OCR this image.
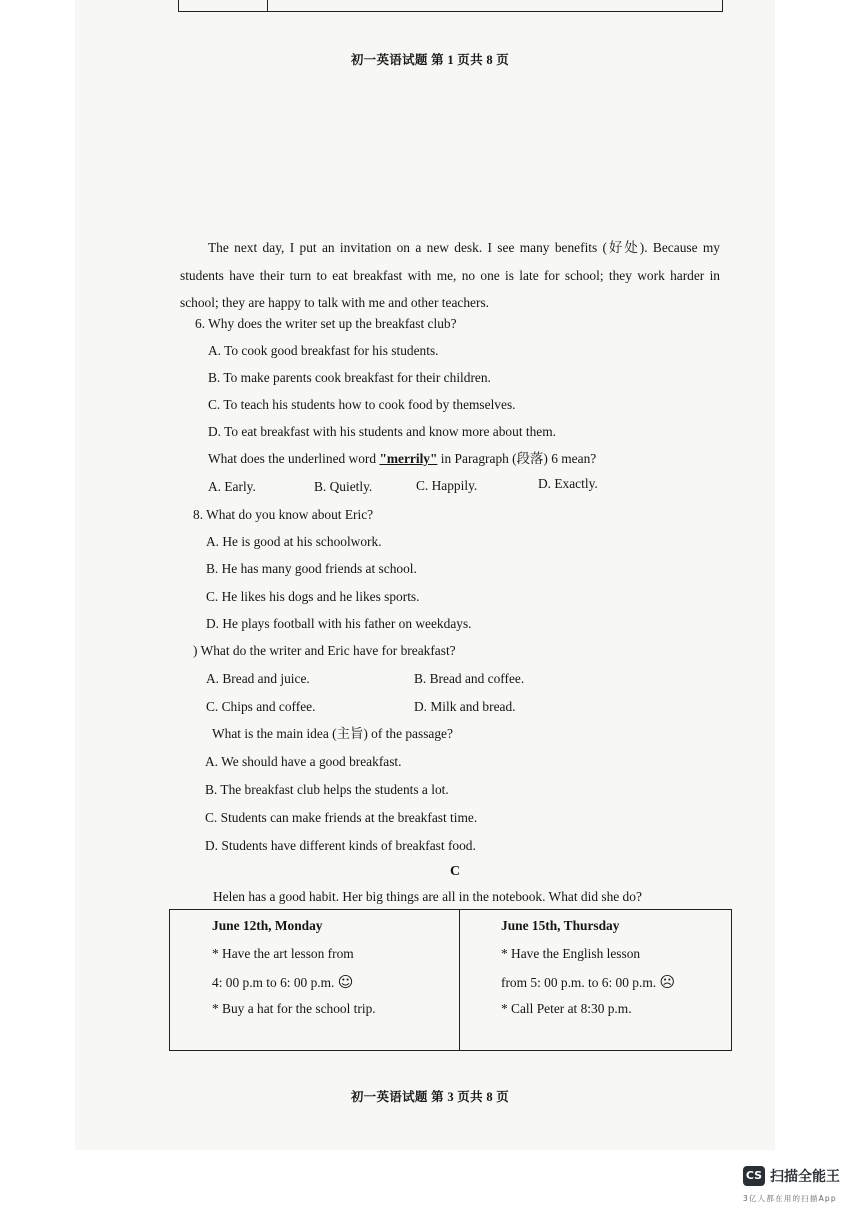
初一英语试题 第 1 页共 8 页
The next day, I put an invitation on a new desk. I see many benefits (好处). Because my students have their turn to eat breakfast with me, no one is late for school; they work harder in school; they are happy to talk with me and other teachers.
6. Why does the writer set up the breakfast club?
A. To cook good breakfast for his students.
B. To make parents cook breakfast for their children.
C. To teach his students how to cook food by themselves.
D. To eat breakfast with his students and know more about them.
What does the underlined word "merrily" in Paragraph (段落) 6 mean?
A. Early.	B. Quietly.	C. Happily.	D. Exactly.
8. What do you know about Eric?
A. He is good at his schoolwork.
B. He has many good friends at school.
C. He likes his dogs and he likes sports.
D. He plays football with his father on weekdays.
) What do the writer and Eric have for breakfast?
A. Bread and juice.	B. Bread and coffee.
C. Chips and coffee.	D. Milk and bread.
What is the main idea (主旨) of the passage?
A. We should have a good breakfast.
B. The breakfast club helps the students a lot.
C. Students can make friends at the breakfast time.
D. Students have different kinds of breakfast food.
C
Helen has a good habit. Her big things are all in the notebook. What did she do?
June 12th, Monday
* Have the art lesson from
4: 00 p.m to 6: 00 p.m. ☺
* Buy a hat for the school trip.
June 15th, Thursday
* Have the English lesson
from 5: 00 p.m. to 6: 00 p.m. ☹
* Call Peter at 8:30 p.m.
初一英语试题 第 3 页共 8 页
CS 扫描全能王
3亿人都在用的扫描App
